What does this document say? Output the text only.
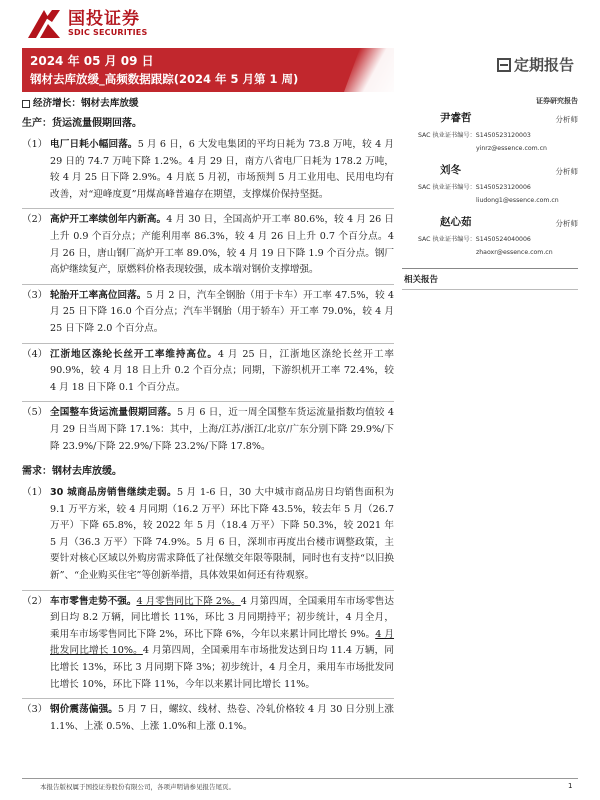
国投证券
SDIC SECURITIES
2024 年 05 月 09 日
钢材去库放缓_高频数据跟踪(2024 年 5 月第 1 周)
定期报告
经济增长：钢材去库放缓
生产：货运流量假期回落。
（1） 电厂日耗小幅回落。5 月 6 日，6 大发电集团的平均日耗为 73.8 万吨，较 4 月 29 日的 74.7 万吨下降 1.2%。4 月 29 日，南方八省电厂日耗为 178.2 万吨，较 4 月 25 日下降 2.9%。4 月底 5 月初，市场预判 5 月工业用电、民用电均有改善，对“迎峰度夏”用煤高峰普遍存在期望，支撑煤价保持坚挺。
（2） 高炉开工率续创年内新高。4 月 30 日，全国高炉开工率 80.6%，较 4 月 26 日上升 0.9 个百分点；产能利用率 86.3%，较 4 月 26 日上升 0.7 个百分点。4 月 26 日，唐山钢厂高炉开工率 89.0%，较 4 月 19 日下降 1.9 个百分点。钢厂高炉继续复产，原燃料价格表现较强，成本端对钢价支撑增强。
（3） 轮胎开工率高位回落。5 月 2 日，汽车全钢胎（用于卡车）开工率 47.5%，较 4 月 25 日下降 16.0 个百分点；汽车半钢胎（用于轿车）开工率 79.0%，较 4 月 25 日下降 2.0 个百分点。
（4） 江浙地区涤纶长丝开工率维持高位。4 月 25 日，江浙地区涤纶长丝开工率 90.9%，较 4 月 18 日上升 0.2 个百分点；同期，下游织机开工率 72.4%，较 4 月 18 日下降 0.1 个百分点。
（5） 全国整车货运流量假期回落。5 月 6 日，近一周全国整车货运流量指数均值较 4 月 29 日当周下降 17.1%：其中，上海/江苏/浙江/北京/广东分别下降 29.9%/下降 23.9%/下降 22.9%/下降 23.2%/下降 17.8%。
需求：钢材去库放缓。
（1） 30 城商品房销售继续走弱。5 月 1-6 日，30 大中城市商品房日均销售面积为 9.1 万平方米，较 4 月同期（16.2 万平）环比下降 43.5%，较去年 5 月（26.7 万平）下降 65.8%，较 2022 年 5 月（18.4 万平）下降 50.3%，较 2021 年 5 月（36.3 万平）下降 74.9%。5 月 6 日，深圳市再度出台楼市调整政策，主要针对核心区域以外购房需求降低了社保缴交年限等限制，同时也有支持“以旧换新”、“企业购买住宅”等创新举措，具体效果如何还有待观察。
（2） 车市零售走势不强。4 月零售同比下降 2%。4 月第四周，全国乘用车市场零售达到日均 8.2 万辆，同比增长 11%，环比 3 月同期持平；初步统计，4 月全月，乘用车市场零售同比下降 2%，环比下降 6%，今年以来累计同比增长 9%。4 月批发同比增长 10%。4 月第四周，全国乘用车市场批发达到日均 11.4 万辆，同比增长 13%，环比 3 月同期下降 3%；初步统计，4 月全月，乘用车市场批发同比增长 10%，环比下降 11%，今年以来累计同比增长 11%。
（3） 钢价震荡偏强。5 月 7 日，螺纹、线材、热卷、冷轧价格较 4 月 30 日分别上涨 1.1%、上涨 0.5%、上涨 1.0%和上涨 0.1%。
证券研究报告
尹睿哲	分析师
SAC 执业证书编号：S1450523120003
yinrz@essence.com.cn
刘冬	分析师
SAC 执业证书编号：S1450523120006
liudong1@essence.com.cn
赵心茹	分析师
SAC 执业证书编号：S1450524040006
zhaoxr@essence.com.cn
相关报告
本报告版权属于国投证券股份有限公司，各项声明请参见报告尾页。	1
